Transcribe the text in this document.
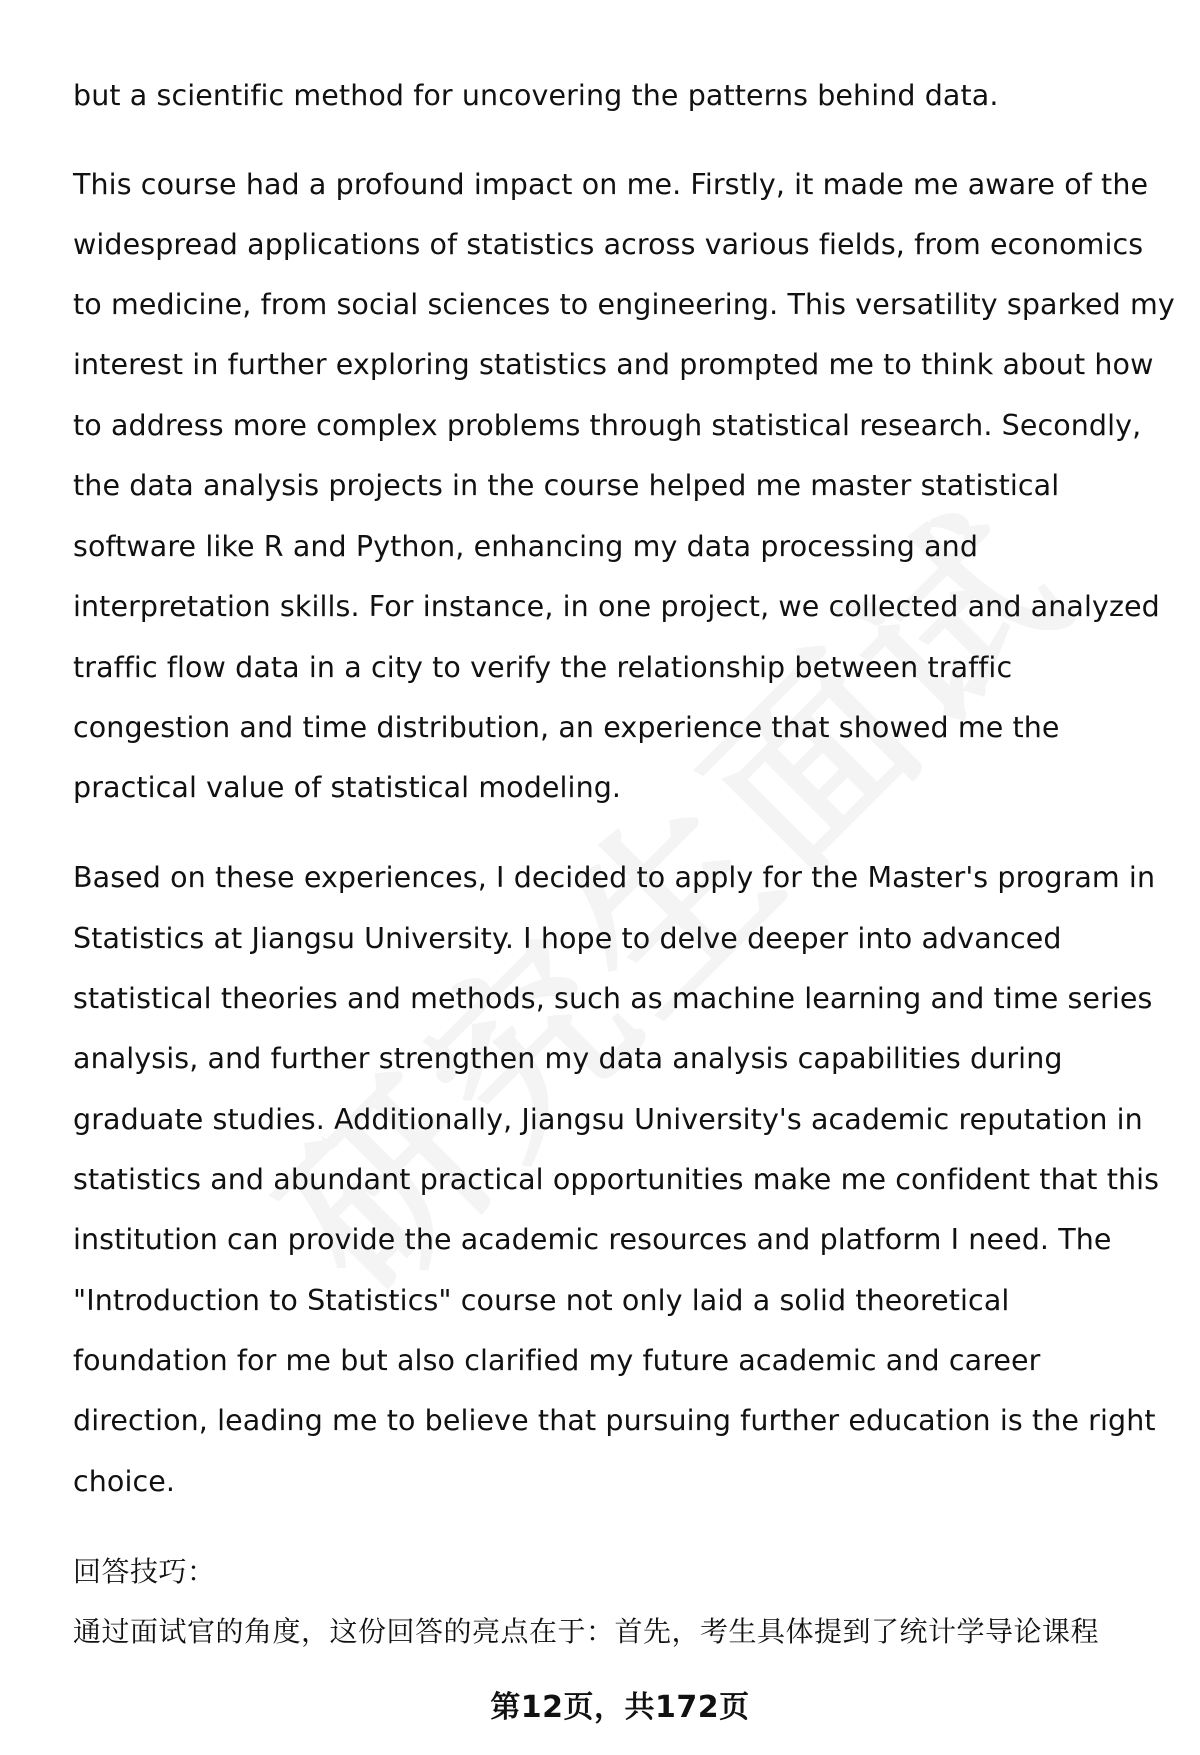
but a scientific method for uncovering the patterns behind data.
This course had a profound impact on me. Firstly, it made me aware of the
widespread applications of statistics across various fields, from economics
to medicine, from social sciences to engineering. This versatility sparked my
interest in further exploring statistics and prompted me to think about how
to address more complex problems through statistical research. Secondly,
the data analysis projects in the course helped me master statistical
software like R and Python, enhancing my data processing and
interpretation skills. For instance, in one project, we collected and analyzed
traffic flow data in a city to verify the relationship between traffic
congestion and time distribution, an experience that showed me the
practical value of statistical modeling.
Based on these experiences, I decided to apply for the Master's program in
Statistics at Jiangsu University. I hope to delve deeper into advanced
statistical theories and methods, such as machine learning and time series
analysis, and further strengthen my data analysis capabilities during
graduate studies. Additionally, Jiangsu University's academic reputation in
statistics and abundant practical opportunities make me confident that this
institution can provide the academic resources and platform I need. The
"Introduction to Statistics" course not only laid a solid theoretical
foundation for me but also clarified my future academic and career
direction, leading me to believe that pursuing further education is the right
choice.
回答技巧：
通过面试官的角度，这份回答的亮点在于：首先，考生具体提到了统计学导论课程
第12页，共172页
